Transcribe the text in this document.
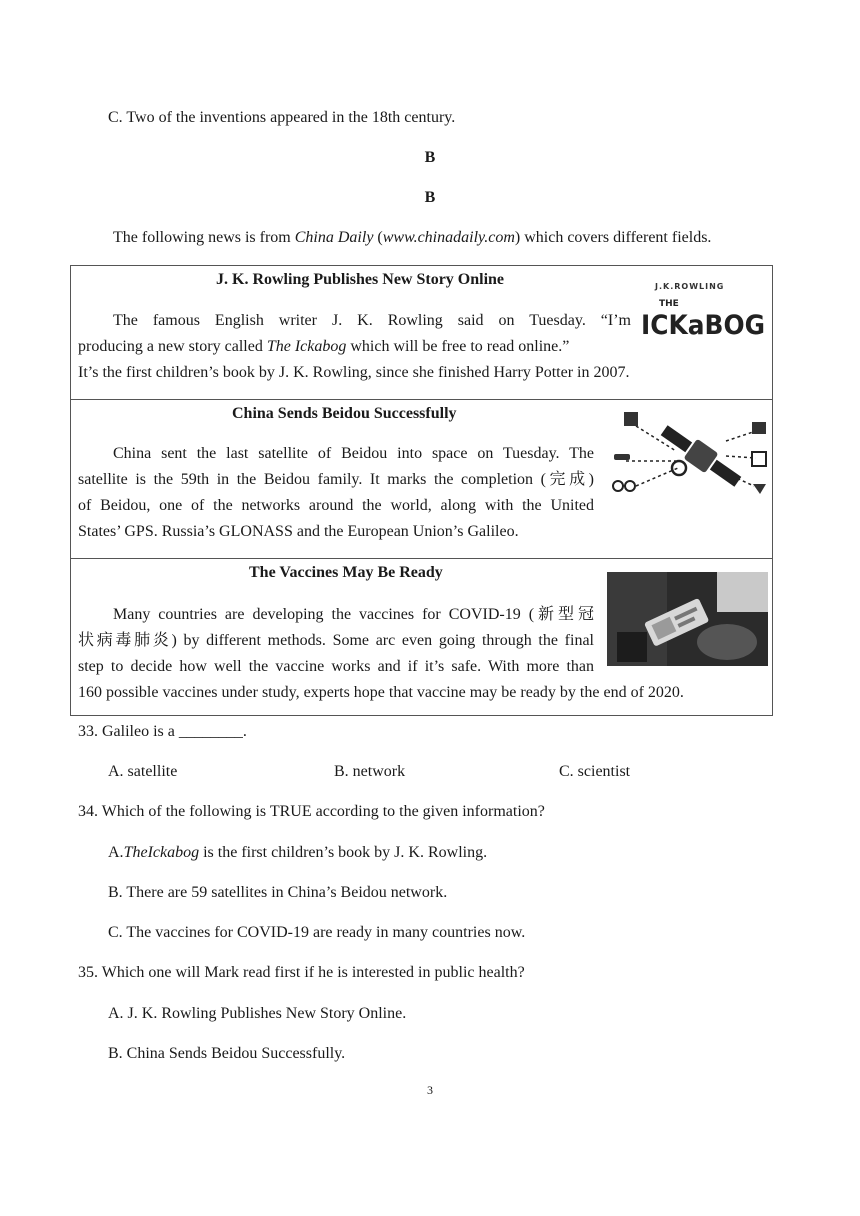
C. Two of the inventions appeared in the 18th century.
B
B
The following news is from China Daily (www.chinadaily.com) which covers different fields.
J. K. Rowling Publishes New Story Online
The famous English writer J. K. Rowling said on Tuesday. “I’m
producing a new story called The Ickabog which will be free to read online.”
It’s the first children’s book by J. K. Rowling, since she finished Harry Potter in 2007.
J.K.ROWLING
THE
ICKaBOG
China Sends Beidou Successfully
China sent the last satellite of Beidou into space on Tuesday. The
satellite is the 59th in the Beidou family. It marks the completion (完成)
of Beidou, one of the networks around the world, along with the United
States’ GPS. Russia’s GLONASS and the European Union’s Galileo.
The Vaccines May Be Ready
Many countries are developing the vaccines for COVID-19 (新型冠
状病毒肺炎) by different methods. Some arc even going through the final
step to decide how well the vaccine works and if it’s safe. With more than
160 possible vaccines under study, experts hope that vaccine may be ready by the end of 2020.
33. Galileo is a ________.
A. satellite	B. network	C. scientist
34. Which of the following is TRUE according to the given information?
A.TheIckabog is the first children’s book by J. K. Rowling.
B. There are 59 satellites in China’s Beidou network.
C. The vaccines for COVID-19 are ready in many countries now.
35. Which one will Mark read first if he is interested in public health?
A. J. K. Rowling Publishes New Story Online.
B. China Sends Beidou Successfully.
3
